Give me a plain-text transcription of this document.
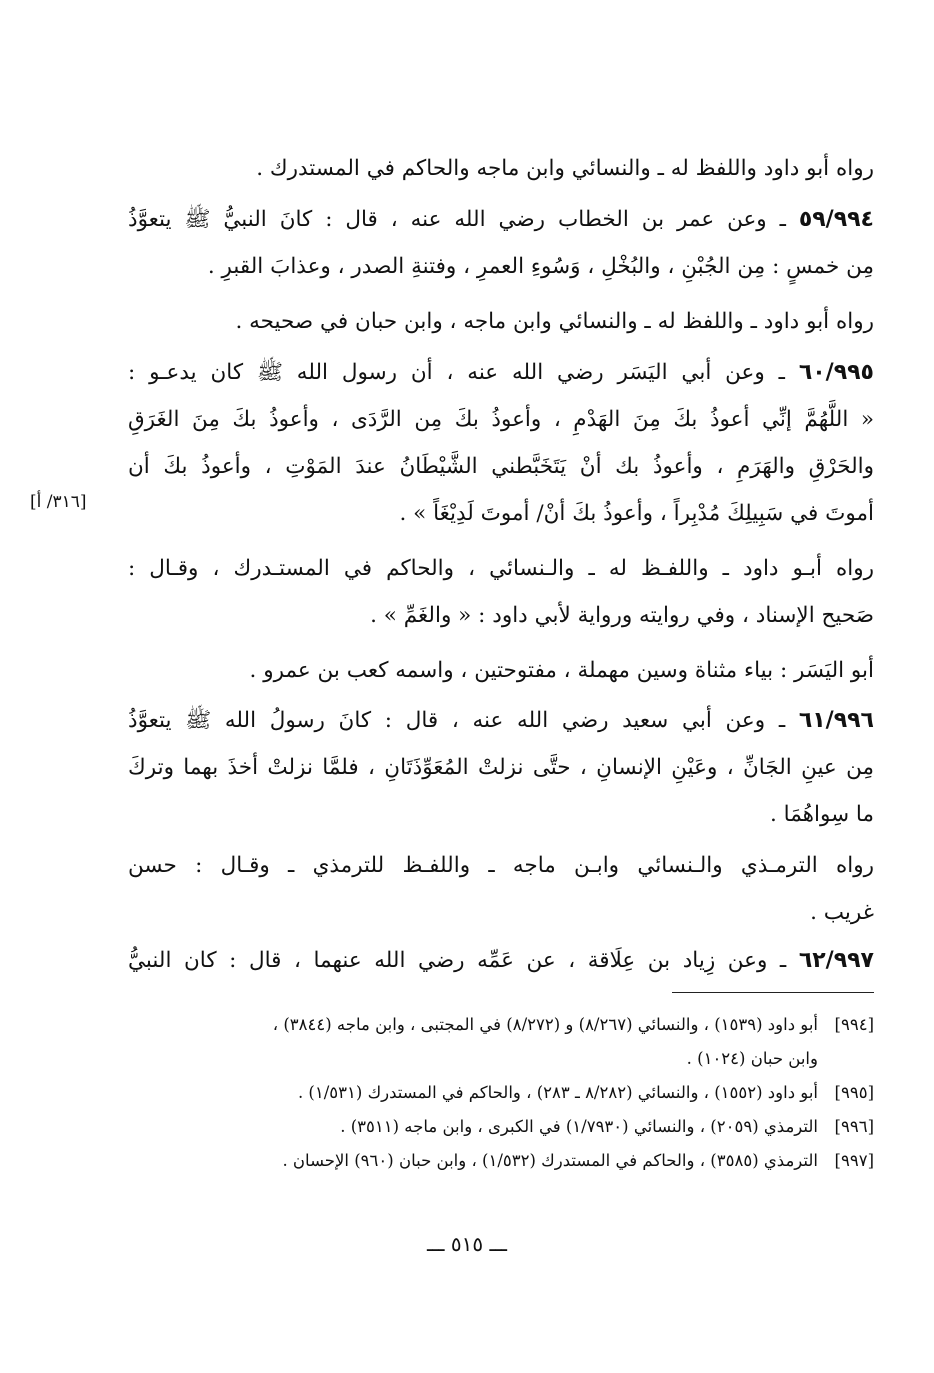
رواه أبو داود واللفظ له ـ والنسائي وابن ماجه والحاكم في المستدرك .
٥٩/٩٩٤ ـ وعن عمر بن الخطاب رضي الله عنه ، قال : كانَ النبيُّ ﷺ يتعوَّذُ
مِن خمسٍ : مِن الجُبْنِ ، والبُخْلِ ، وَسُوءِ العمرِ ، وفتنةِ الصدر ، وعذابَ القبرِ .
رواه أبو داود ـ واللفظ له ـ والنسائي وابن ماجه ، وابن حبان في صحيحه .
٦٠/٩٩٥ ـ وعن أبي اليَسَر رضي الله عنه ، أن رسول الله ﷺ كان يدعـو :
« اللَّهُمَّ إنِّي أعوذُ بكَ مِنَ الهَدْمِ ، وأعوذُ بكَ مِن الرَّدَى ، وأعوذُ بكَ مِنَ الغَرَقِ
والحَرْقِ والهَرَمِ ، وأعوذُ بك أنْ يَتَخَبَّطني الشَّيْطَانُ عندَ المَوْتِ ، وأعوذُ بكَ أن
أموتَ في سَبِيلِكَ مُدْبِراً ، وأعوذُ بكَ أنْ/ أموتَ لَدِيْغَاً » .
رواه أبـو داود ـ واللفـظ له ـ والـنسائي ، والحاكم في المستـدرك ، وقـال :
صَحيح الإسناد ، وفي روايته ورواية لأبي داود : « والغَمِّ » .
أبو اليَسَر : بياء مثناة وسين مهملة ، مفتوحتين ، واسمه كعب بن عمرو .
٦١/٩٩٦ ـ وعن أبي سعيد رضي الله عنه ، قال : كانَ رسولُ الله ﷺ يتعوَّذُ
مِن عينِ الجَانِّ ، وعَيْنِ الإنسانِ ، حتَّى نزلتْ المُعَوِّذَتَانِ ، فلمَّا نزلتْ أخذَ بهما وتركَ
ما سِواهُمَا .
رواه الترمـذي والـنسائي وابـن ماجه ـ واللفـظ للترمذي ـ وقـال : حسن
غريب .
٦٢/٩٩٧ ـ وعن زِياد بن عِلَاقة ، عن عَمِّه رضي الله عنهما ، قال : كان النبيُّ
[٣١٦/ أ]
[٩٩٤]
أبو داود (١٥٣٩) ، والنسائي (٨/٢٦٧) و (٨/٢٧٢) في المجتبى ، وابن ماجه (٣٨٤٤) ،
وابن حبان (١٠٢٤) .
[٩٩٥]
أبو داود (١٥٥٢) ، والنسائي (٨/٢٨٢ ـ ٢٨٣) ، والحاكم في المستدرك (١/٥٣١) .
[٩٩٦]
الترمذي (٢٠٥٩) ، والنسائي (١/٧٩٣٠) في الكبرى ، وابن ماجه (٣٥١١) .
[٩٩٧]
الترمذي (٣٥٨٥) ، والحاكم في المستدرك (١/٥٣٢) ، وابن حبان (٩٦٠) الإحسان .
ـــ ٥١٥ ـــ
